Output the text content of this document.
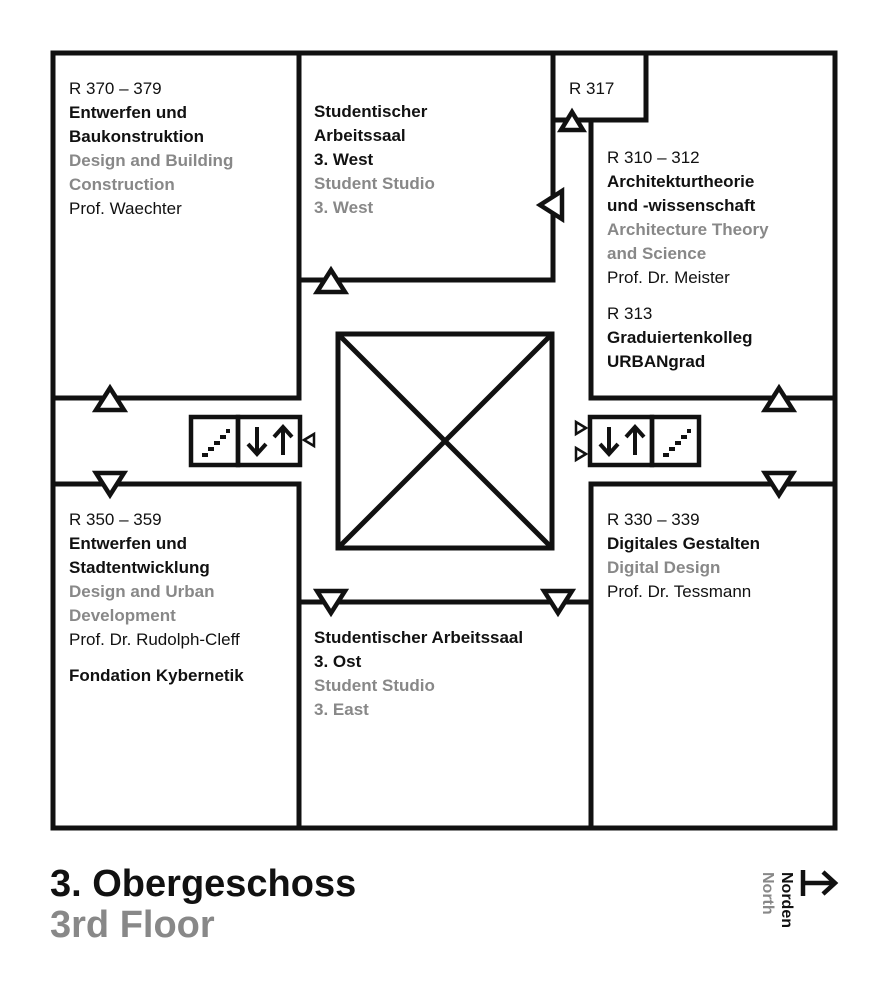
R 370 – 379
Entwerfen und
Baukonstruktion
Design and Building
Construction
Prof. Waechter
Studentischer
Arbeitssaal
3. West
Student Studio
3. West
R 317
R 310 – 312
Architekturtheorie
und -wissenschaft
Architecture Theory
and Science
Prof. Dr. Meister
R 313
Graduiertenkolleg
URBANgrad
R 350 – 359
Entwerfen und
Stadtentwicklung
Design and Urban
Development
Prof. Dr. Rudolph-Cleff
Fondation Kybernetik
R 330 – 339
Digitales Gestalten
Digital Design
Prof. Dr. Tessmann
Studentischer Arbeitssaal
3. Ost
Student Studio
3. East
3. Obergeschoss
3rd Floor	Norden
North
